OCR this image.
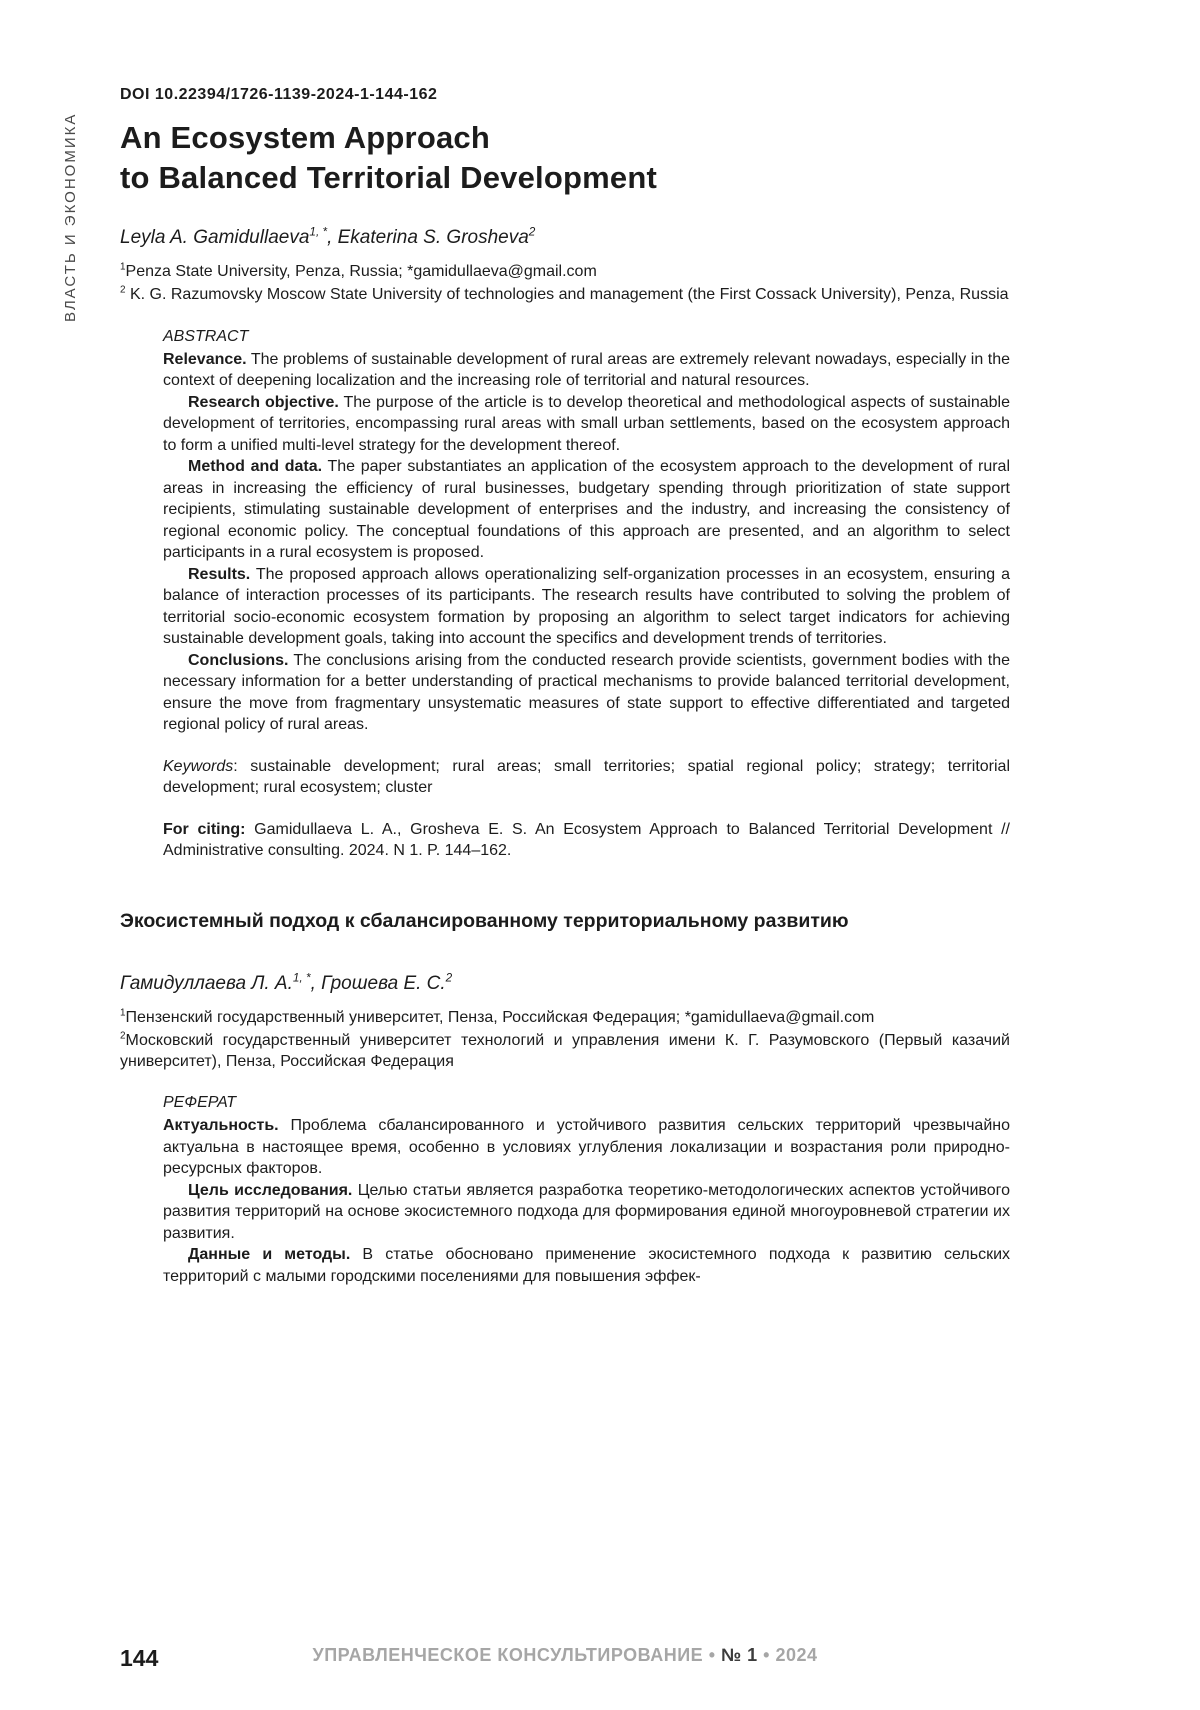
ВЛАСТЬ И ЭКОНОМИКА

DOI 10.22394/1726-1139-2024-1-144-162

An Ecosystem Approach
to Balanced Territorial Development

Leyla A. Gamidullaeva$^{1, *}$, Ekaterina S. Grosheva$^2$

$^1$Penza State University, Penza, Russia; *gamidullaeva@gmail.com

$^2$ K. G. Razumovsky Moscow State University of technologies and management (the First Cossack University), Penza, Russia

ABSTRACT

Relevance. The problems of sustainable development of rural areas are extremely relevant nowadays, especially in the context of deepening localization and the increasing role of territorial and natural resources.

Research objective. The purpose of the article is to develop theoretical and methodological aspects of sustainable development of territories, encompassing rural areas with small urban settlements, based on the ecosystem approach to form a unified multi-level strategy for the development thereof.

Method and data. The paper substantiates an application of the ecosystem approach to the development of rural areas in increasing the efficiency of rural businesses, budgetary spending through prioritization of state support recipients, stimulating sustainable development of enterprises and the industry, and increasing the consistency of regional economic policy. The conceptual foundations of this approach are presented, and an algorithm to select participants in a rural ecosystem is proposed.

Results. The proposed approach allows operationalizing self-organization processes in an ecosystem, ensuring a balance of interaction processes of its participants. The research results have contributed to solving the problem of territorial socio-economic ecosystem formation by proposing an algorithm to select target indicators for achieving sustainable development goals, taking into account the specifics and development trends of territories.

Conclusions. The conclusions arising from the conducted research provide scientists, government bodies with the necessary information for a better understanding of practical mechanisms to provide balanced territorial development, ensure the move from fragmentary unsystematic measures of state support to effective differentiated and targeted regional policy of rural areas.

Keywords: sustainable development; rural areas; small territories; spatial regional policy; strategy; territorial development; rural ecosystem; cluster

For citing: Gamidullaeva L. A., Grosheva E. S. An Ecosystem Approach to Balanced Territorial Development // Administrative consulting. 2024. N 1. P. 144–162.

Экосистемный подход к сбалансированному территориальному развитию

Гамидуллаева Л. А.$^{1, *}$, Грошева Е. С.$^2$

$^1$Пензенский государственный университет, Пенза, Российская Федерация; *gamidullaeva@gmail.com

$^2$Московский государственный университет технологий и управления имени К. Г. Разумовского (Первый казачий университет), Пенза, Российская Федерация

РЕФЕРАТ

Актуальность. Проблема сбалансированного и устойчивого развития сельских территорий чрезвычайно актуальна в настоящее время, особенно в условиях углубления локализации и возрастания роли природно-ресурсных факторов.

Цель исследования. Целью статьи является разработка теоретико-методологических аспектов устойчивого развития территорий на основе экосистемного подхода для формирования единой многоуровневой стратегии их развития.

Данные и методы. В статье обосновано применение экосистемного подхода к развитию сельских территорий с малыми городскими поселениями для повышения эффек-

144	УПРАВЛЕНЧЕСКОЕ КОНСУЛЬТИРОВАНИЕ • № 1 • 2024
